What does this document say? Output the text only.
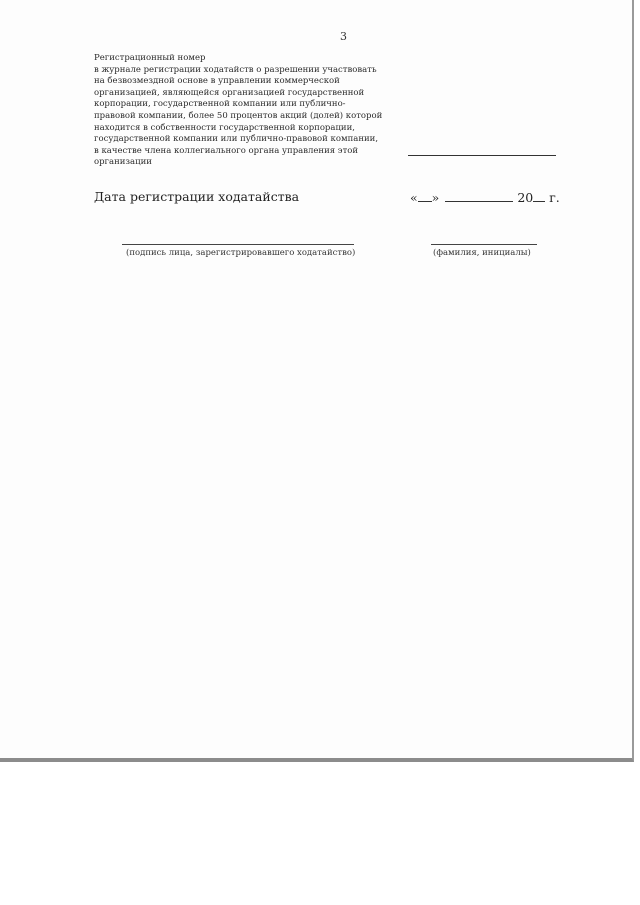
3
Регистрационный номер
в журнале регистрации ходатайств о разрешении участвовать
на безвозмездной основе в управлении коммерческой
организацией, являющейся организацией государственной
корпорации, государственной компании или публично-
правовой компании, более 50 процентов акций (долей) которой
находится в собственности государственной корпорации,
государственной компании или публично-правовой компании,
в качестве члена коллегиального органа управления этой
организации
Дата регистрации ходатайства	« »	20 г.
(подпись лица, зарегистрировавшего ходатайство)	(фамилия, инициалы)
